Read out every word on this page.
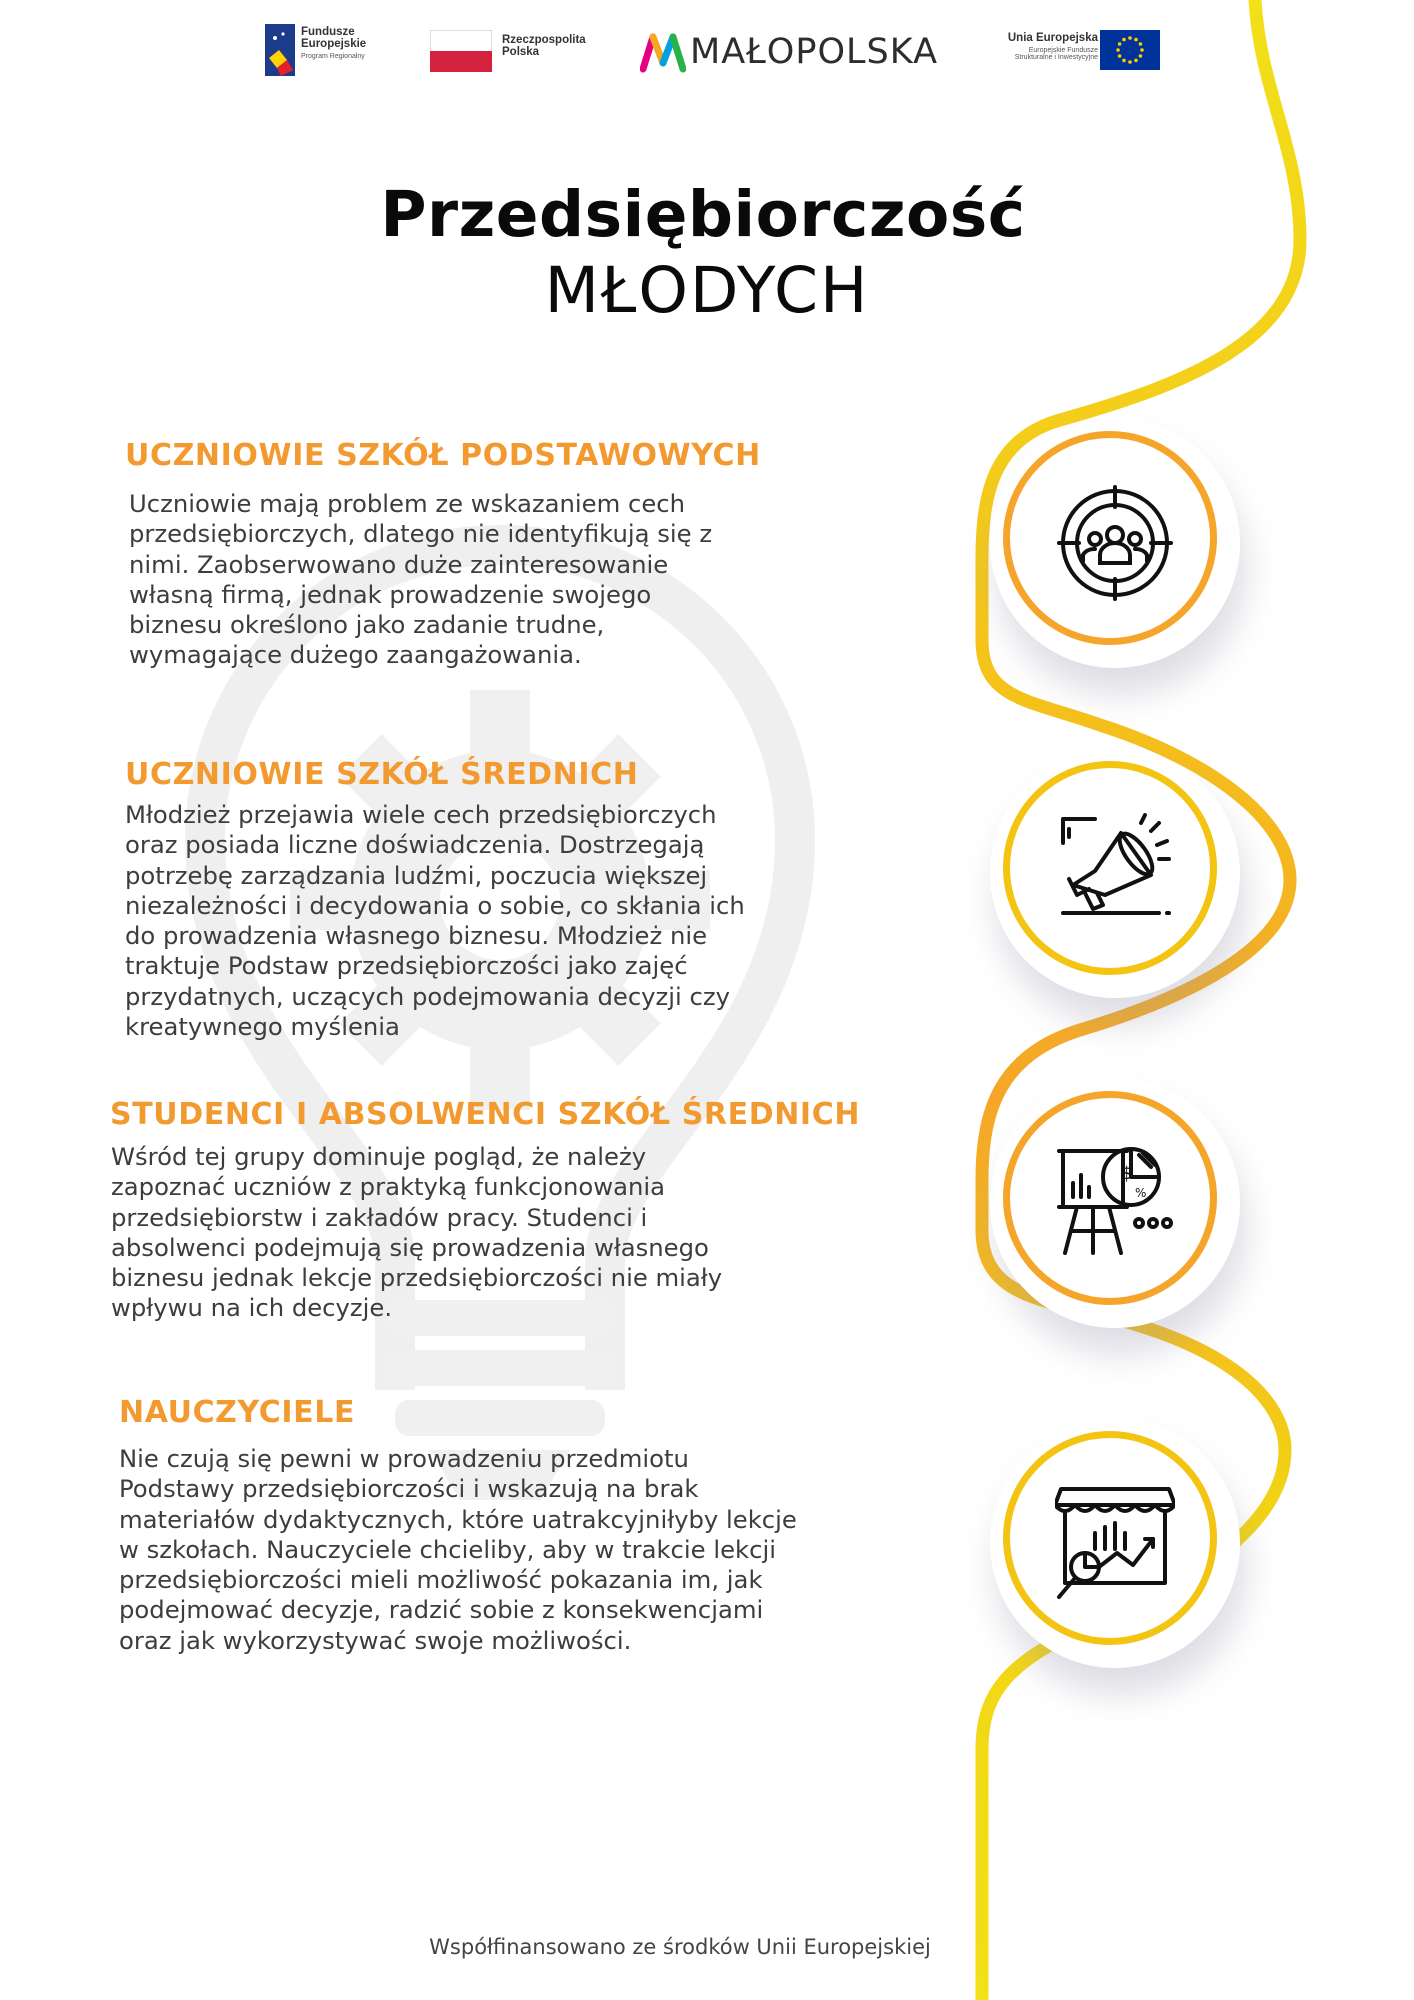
Fundusze
Europejskie
Program Regionalny
Rzeczpospolita
Polska	MAŁOPOLSKA	Unia Europejska
Europejskie Fundusze
Strukturalne i Inwestycyjne
Przedsiębiorczość
MŁODYCH
UCZNIOWIE SZKÓŁ PODSTAWOWYCH
Uczniowie mają problem ze wskazaniem cech
przedsiębiorczych, dlatego nie identyfikują się z
nimi. Zaobserwowano duże zainteresowanie
własną firmą, jednak prowadzenie swojego
biznesu określono jako zadanie trudne,
wymagające dużego zaangażowania.
UCZNIOWIE SZKÓŁ ŚREDNICH
Młodzież przejawia wiele cech przedsiębiorczych
oraz posiada liczne doświadczenia. Dostrzegają
potrzebę zarządzania ludźmi, poczucia większej
niezależności i decydowania o sobie, co skłania ich
do prowadzenia własnego biznesu. Młodzież nie
traktuje Podstaw przedsiębiorczości jako zajęć
przydatnych, uczących podejmowania decyzji czy
kreatywnego myślenia
STUDENCI I ABSOLWENCI SZKÓŁ ŚREDNICH
Wśród tej grupy dominuje pogląd, że należy
zapoznać uczniów z praktyką funkcjonowania
przedsiębiorstw i zakładów pracy. Studenci i
absolwenci podejmują się prowadzenia własnego
biznesu jednak lekcje przedsiębiorczości nie miały
wpływu na ich decyzje.
NAUCZYCIELE
Nie czują się pewni w prowadzeniu przedmiotu
Podstawy przedsiębiorczości i wskazują na brak
materiałów dydaktycznych, które uatrakcyjniłyby lekcje
w szkołach. Nauczyciele chcieliby, aby w trakcie lekcji
przedsiębiorczości mieli możliwość pokazania im, jak
podejmować decyzje, radzić sobie z konsekwencjami
oraz jak wykorzystywać swoje możliwości.
$
%
Współfinansowano ze środków Unii Europejskiej
